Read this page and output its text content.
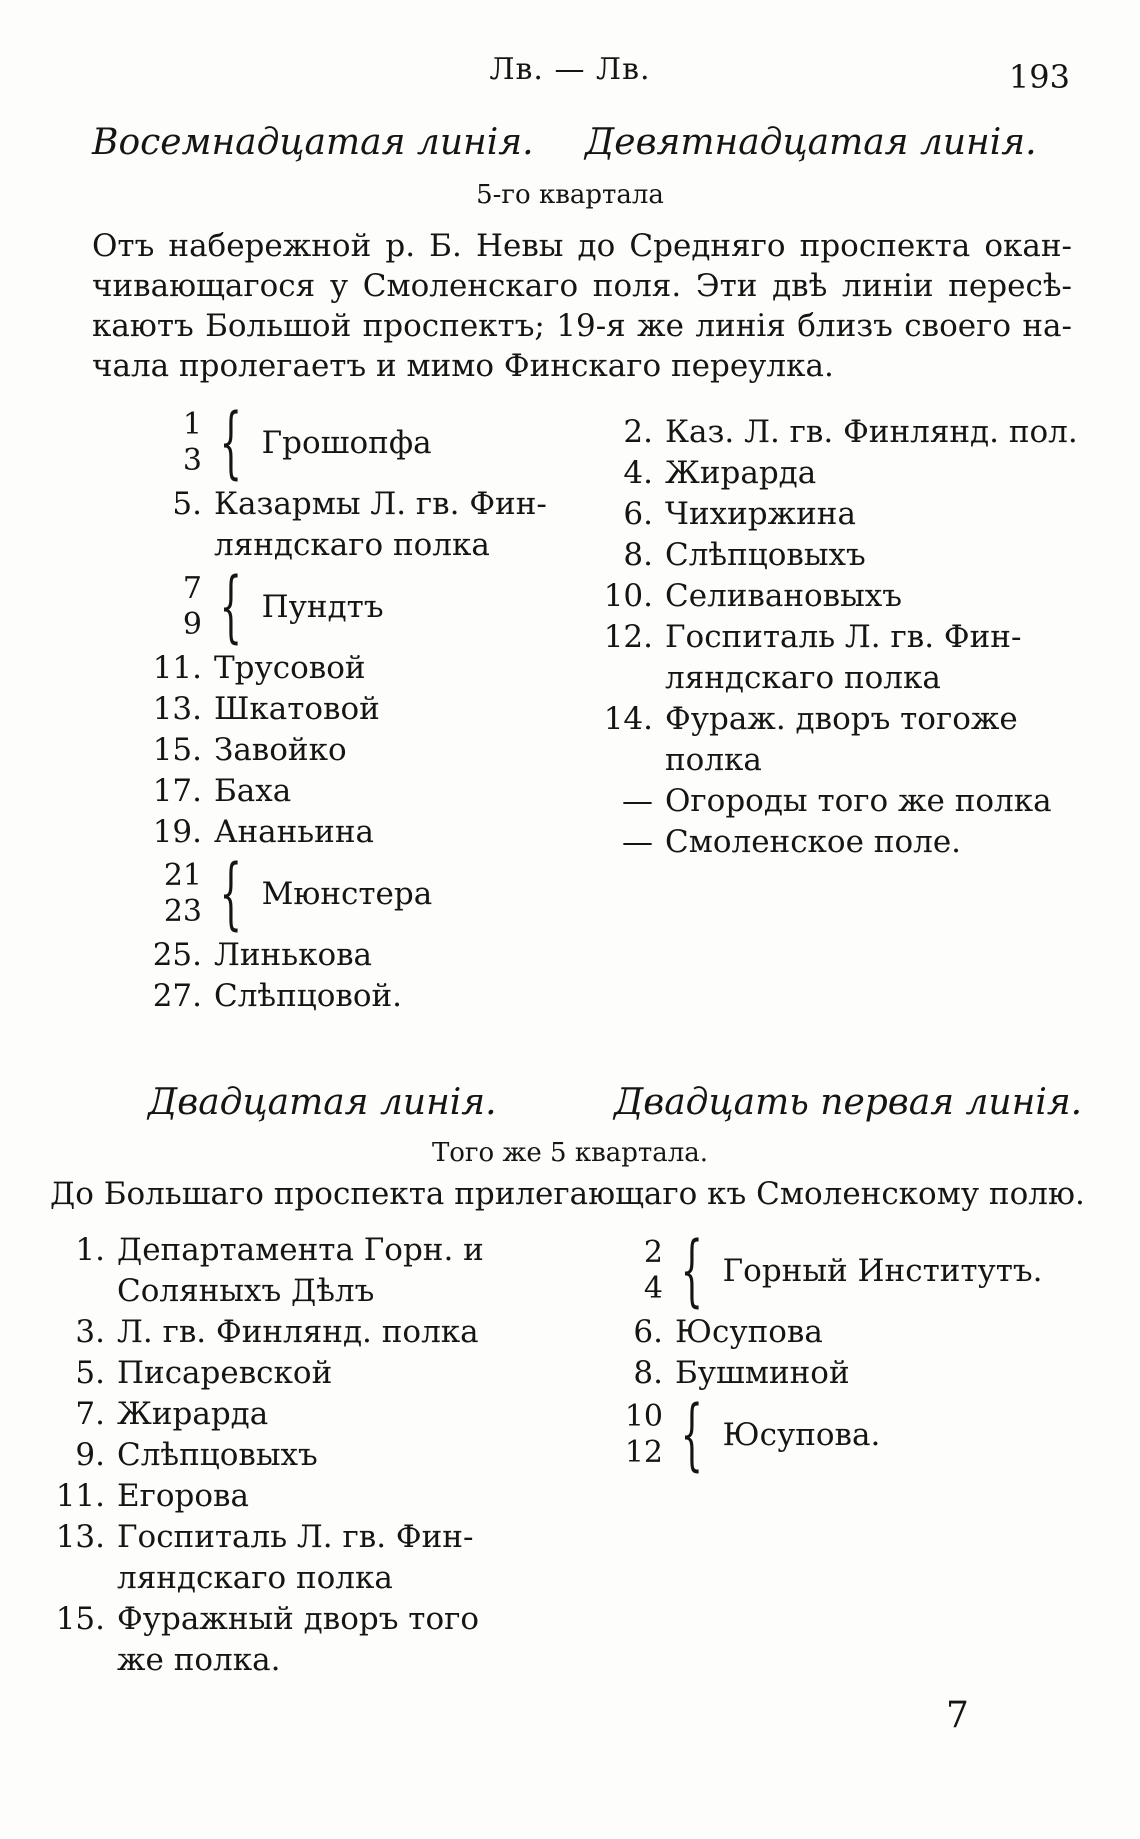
Лв. — Лв.	193
Восемнадцатая линія. Девятнадцатая линія.
5-го квартала
Отъ набережной р. Б. Невы до Средняго проспекта окан-
чивающагося у Смоленскаго поля. Эти двѣ линіи пересѣ-
каютъ Большой проспектъ; 19-я же линія близъ своего на-
чала пролегаетъ и мимо Финскаго переулка.
1
3 { Грошопфа
5. Казармы Л. гв. Фин-
ляндскаго полка
7
9 { Пундтъ
11. Трусовой
13. Шкатовой
15. Завойко
17. Баха
19. Ананьина
21
23 { Мюнстера
25. Линькова
27. Слѣпцовой.
2. Каз. Л. гв. Финлянд. пол.
4. Жирарда
6. Чихиржина
8. Слѣпцовыхъ
10. Селивановыхъ
12. Госпиталь Л. гв. Фин-
ляндскаго полка
14. Фураж. дворъ тогоже
полка
— Огороды того же полка
— Смоленское поле.
Двадцатая линія.	Двадцать первая линія.
Того же 5 квартала.
До Большаго проспекта прилегающаго къ Смоленскому полю.
1. Департамента Горн. и
Соляныхъ Дѣлъ
3. Л. гв. Финлянд. полка
5. Писаревской
7. Жирарда
9. Слѣпцовыхъ
11. Егорова
13. Госпиталь Л. гв. Фин-
ляндскаго полка
15. Фуражный дворъ того
же полка.
2
4 { Горный Институтъ.
6. Юсупова
8. Бушминой
10
12 { Юсупова.
7
